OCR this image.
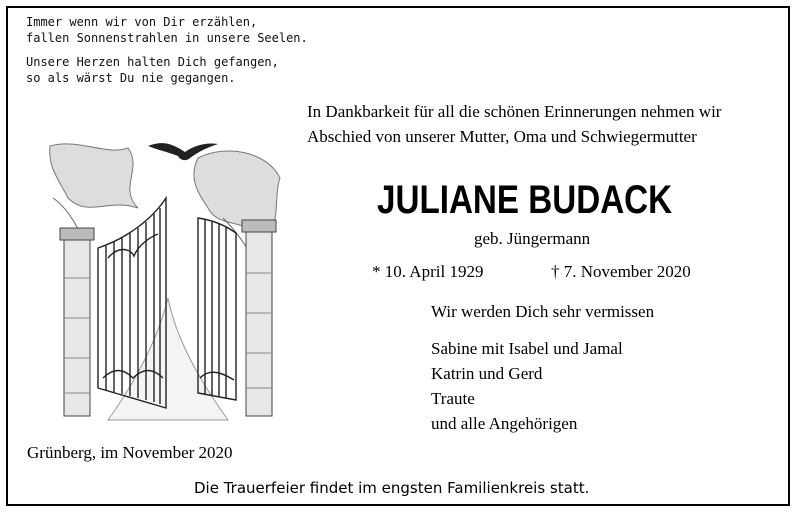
Immer wenn wir von Dir erzählen,
fallen Sonnenstrahlen in unsere Seelen.
Unsere Herzen halten Dich gefangen,
so als wärst Du nie gegangen.
In Dankbarkeit für all die schönen Erinnerungen nehmen wir
Abschied von unserer Mutter, Oma und Schwiegermutter
JULIANE BUDACK
geb. Jüngermann
* 10. April 1929	† 7. November 2020
Wir werden Dich sehr vermissen
Sabine mit Isabel und Jamal
Katrin und Gerd
Traute
und alle Angehörigen
Grünberg, im November 2020
Die Trauerfeier findet im engsten Familienkreis statt.
